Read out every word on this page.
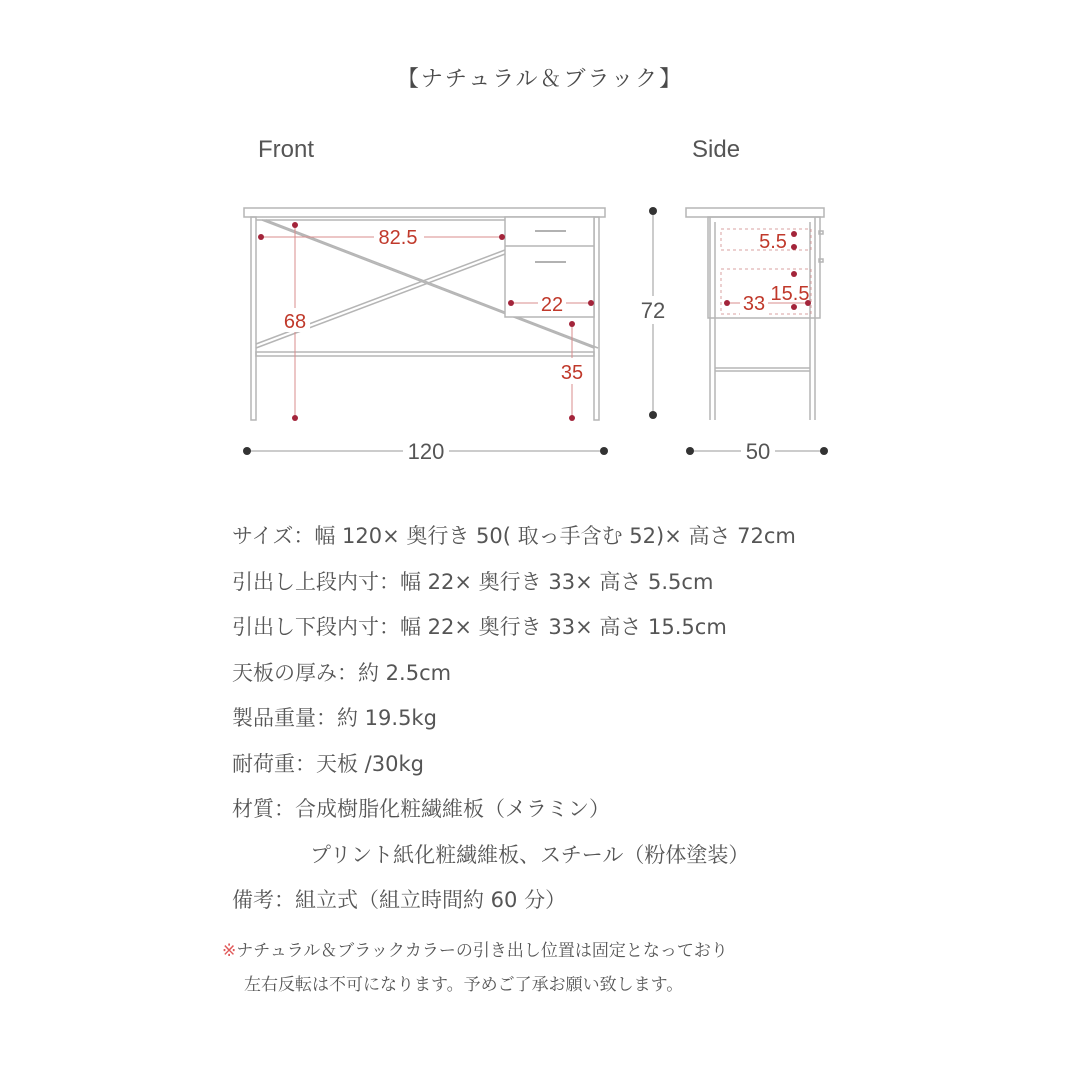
【ナチュラル＆ブラック】
Front	Side
82.5
68
22
35
120
72
5.5
33 15.5
50
サイズ：幅 120× 奥行き 50( 取っ手含む 52)× 高さ 72cm
引出し上段内寸：幅 22× 奥行き 33× 高さ 5.5cm
引出し下段内寸：幅 22× 奥行き 33× 高さ 15.5cm
天板の厚み：約 2.5cm
製品重量：約 19.5kg
耐荷重：天板 /30kg
材質：合成樹脂化粧繊維板（メラミン）
プリント紙化粧繊維板、スチール（粉体塗装）
備考：組立式（組立時間約 60 分）
※ナチュラル＆ブラックカラーの引き出し位置は固定となっており
左右反転は不可になります。予めご了承お願い致します。
